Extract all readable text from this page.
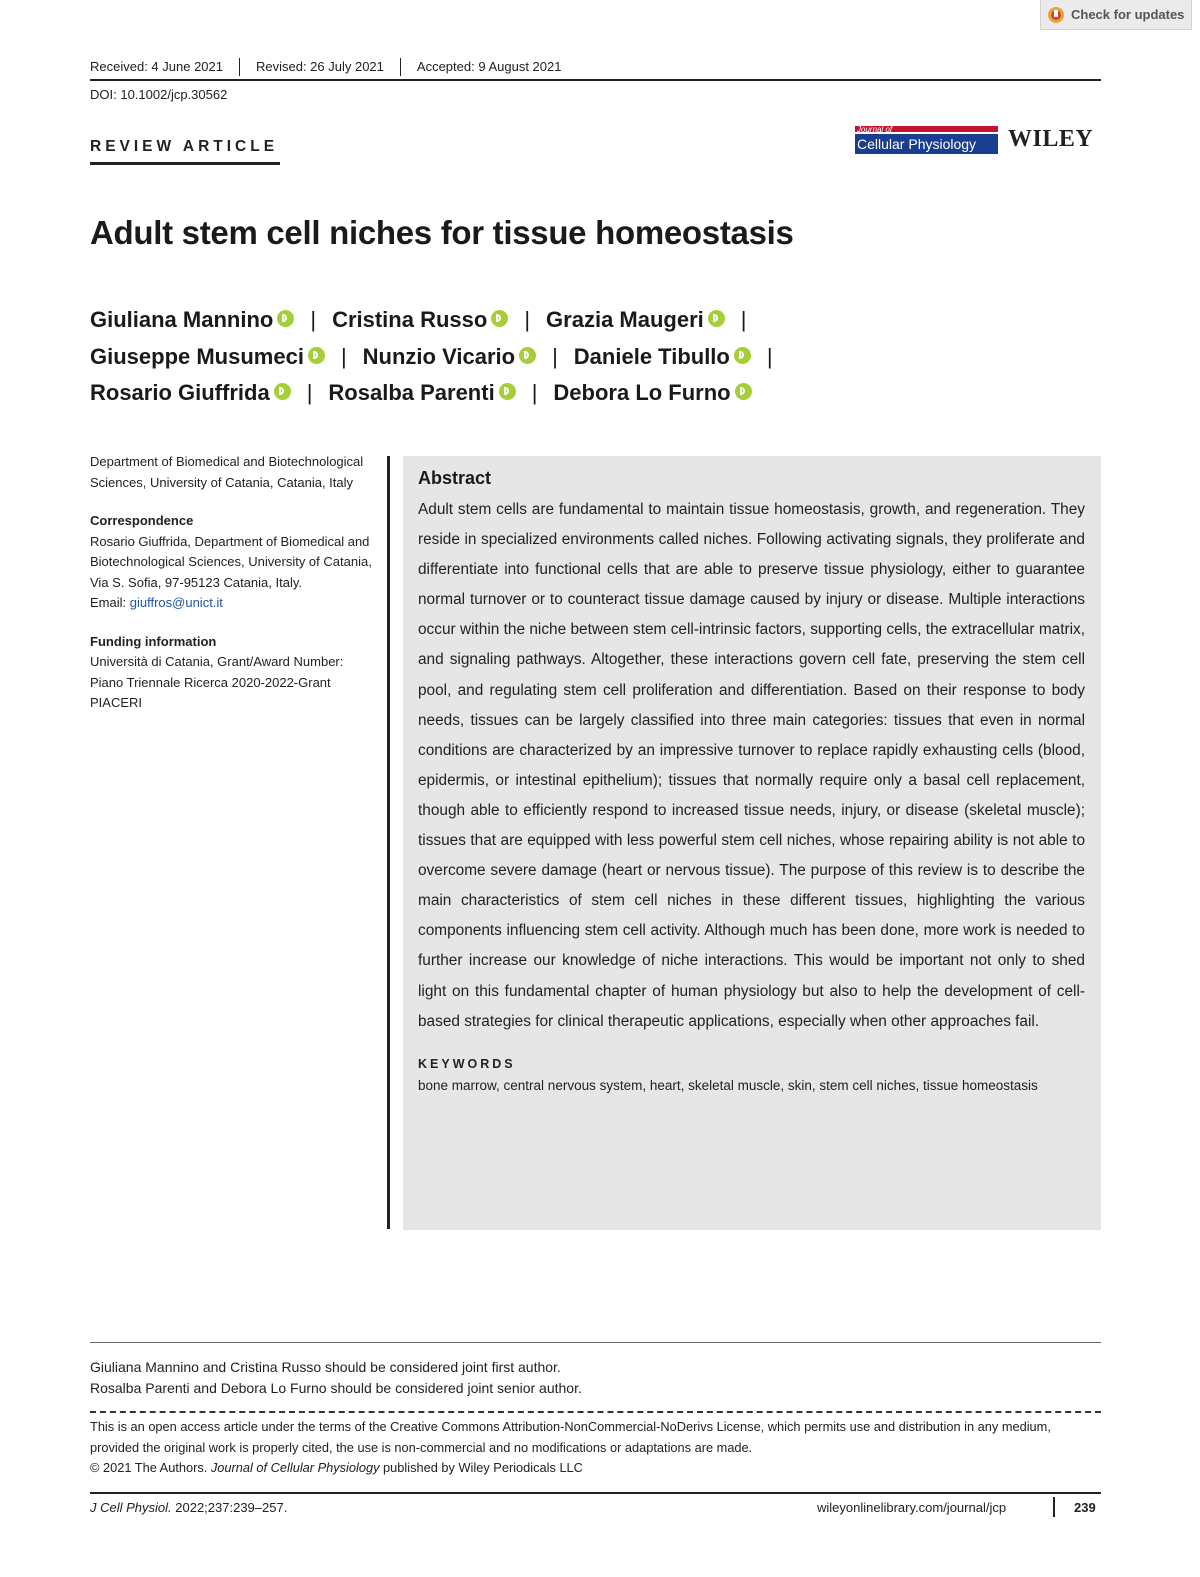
Check for updates
Received: 4 June 2021	Revised: 26 July 2021	Accepted: 9 August 2021
DOI: 10.1002/jcp.30562
REVIEW ARTICLE
Journal of
Cellular Physiology	WILEY
Adult stem cell niches for tissue homeostasis
Giuliana Mannino | Cristina Russo | Grazia Maugeri |
Giuseppe Musumeci | Nunzio Vicario | Daniele Tibullo |
Rosario Giuffrida | Rosalba Parenti | Debora Lo Furno
Department of Biomedical and Biotechnological Sciences, University of Catania, Catania, Italy
Correspondence
Rosario Giuffrida, Department of Biomedical and Biotechnological Sciences, University of Catania, Via S. Sofia, 97-95123 Catania, Italy.
Email: giuffros@unict.it
Funding information
Università di Catania, Grant/Award Number: Piano Triennale Ricerca 2020-2022-Grant PIACERI
Abstract
Adult stem cells are fundamental to maintain tissue homeostasis, growth, and regeneration. They reside in specialized environments called niches. Following activating signals, they proliferate and differentiate into functional cells that are able to preserve tissue physiology, either to guarantee normal turnover or to counteract tissue damage caused by injury or disease. Multiple interactions occur within the niche between stem cell-intrinsic factors, supporting cells, the extracellular matrix, and signaling pathways. Altogether, these interactions govern cell fate, preserving the stem cell pool, and regulating stem cell proliferation and differentiation. Based on their response to body needs, tissues can be largely classified into three main categories: tissues that even in normal conditions are characterized by an impressive turnover to replace rapidly exhausting cells (blood, epidermis, or intestinal epithelium); tissues that normally require only a basal cell replacement, though able to efficiently respond to increased tissue needs, injury, or disease (skeletal muscle); tissues that are equipped with less powerful stem cell niches, whose repairing ability is not able to overcome severe damage (heart or nervous tissue). The purpose of this review is to describe the main characteristics of stem cell niches in these different tissues, highlighting the various components influencing stem cell activity. Although much has been done, more work is needed to further increase our knowledge of niche interactions. This would be important not only to shed light on this fundamental chapter of human physiology but also to help the development of cell-based strategies for clinical therapeutic applications, especially when other approaches fail.
KEYWORDS
bone marrow, central nervous system, heart, skeletal muscle, skin, stem cell niches, tissue homeostasis
Giuliana Mannino and Cristina Russo should be considered joint first author.
Rosalba Parenti and Debora Lo Furno should be considered joint senior author.
This is an open access article under the terms of the Creative Commons Attribution-NonCommercial-NoDerivs License, which permits use and distribution in any medium, provided the original work is properly cited, the use is non-commercial and no modifications or adaptations are made.
© 2021 The Authors. Journal of Cellular Physiology published by Wiley Periodicals LLC
J Cell Physiol. 2022;237:239–257.	wileyonlinelibrary.com/journal/jcp	239
